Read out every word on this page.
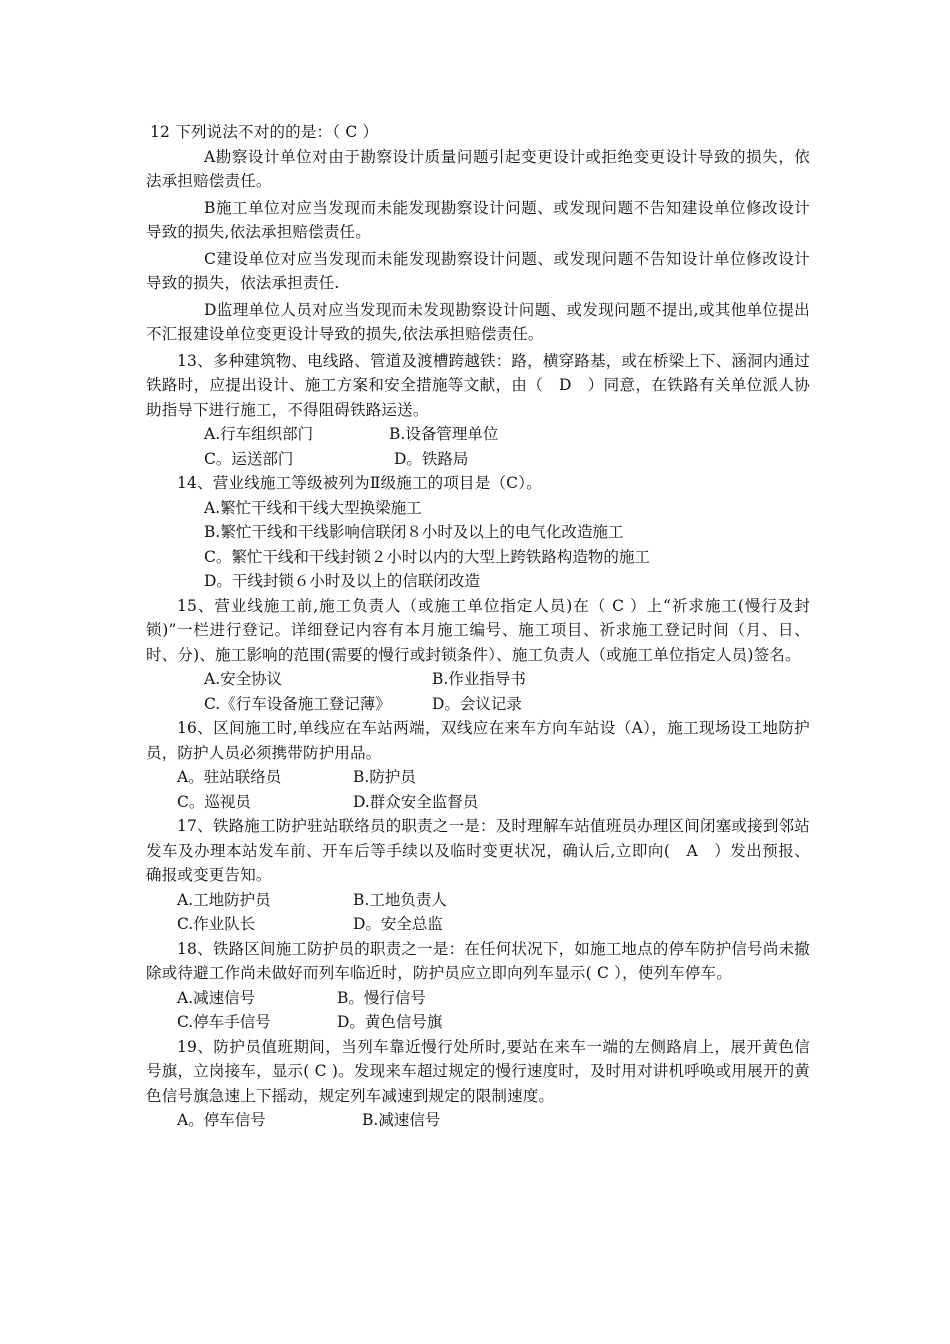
12 下列说法不对的的是：（ C ）

A勘察设计单位对由于勘察设计质量问题引起变更设计或拒绝变更设计导致的损失，依法承担赔偿责任。

B施工单位对应当发现而未能发现勘察设计问题、或发现问题不告知建设单位修改设计导致的损失,依法承担赔偿责任。

C建设单位对应当发现而未能发现勘察设计问题、或发现问题不告知设计单位修改设计导致的损失，依法承担责任.

D监理单位人员对应当发现而未发现勘察设计问题、或发现问题不提出,或其他单位提出不汇报建设单位变更设计导致的损失,依法承担赔偿责任。

13、多种建筑物、电线路、管道及渡槽跨越铁：路，横穿路基，或在桥梁上下、涵洞内通过铁路时，应提出设计、施工方案和安全措施等文献，由（　D　）同意，在铁路有关单位派人协助指导下进行施工，不得阻碍铁路运送。

A.行车组织部门	B.设备管理单位
C。运送部门	D。铁路局

14、营业线施工等级被列为Ⅱ级施工的项目是（C）。

A.繁忙干线和干线大型换梁施工

B.繁忙干线和干线影响信联闭８小时及以上的电气化改造施工

C。繁忙干线和干线封锁２小时以内的大型上跨铁路构造物的施工

D。干线封锁６小时及以上的信联闭改造

15、营业线施工前,施工负责人（或施工单位指定人员)在（ C ）上“祈求施工(慢行及封锁)”一栏进行登记。详细登记内容有本月施工编号、施工项目、祈求施工登记时间（月、日、时、分)、施工影响的范围(需要的慢行或封锁条件）、施工负责人（或施工单位指定人员)签名。

A.安全协议	B.作业指导书
C.《行车设备施工登记薄》	D。会议记录

16、区间施工时,单线应在车站两端，双线应在来车方向车站设（A），施工现场设工地防护员，防护人员必须携带防护用品。

A。驻站联络员	B.防护员
C。巡视员	D.群众安全监督员

17、铁路施工防护驻站联络员的职责之一是：及时理解车站值班员办理区间闭塞或接到邻站发车及办理本站发车前、开车后等手续以及临时变更状况，确认后,立即向(　A　）发出预报、确报或变更告知。

A.工地防护员	B.工地负责人
C.作业队长	D。安全总监

18、铁路区间施工防护员的职责之一是：在任何状况下，如施工地点的停车防护信号尚未撤除或待避工作尚未做好而列车临近时，防护员应立即向列车显示( C ），使列车停车。

A.减速信号	B。慢行信号
C.停车手信号	D。黄色信号旗

19、防护员值班期间，当列车靠近慢行处所时,要站在来车一端的左侧路肩上，展开黄色信号旗，立岗接车，显示( C )。发现来车超过规定的慢行速度时，及时用对讲机呼唤或用展开的黄色信号旗急速上下摇动，规定列车减速到规定的限制速度。

A。停车信号	B.减速信号
